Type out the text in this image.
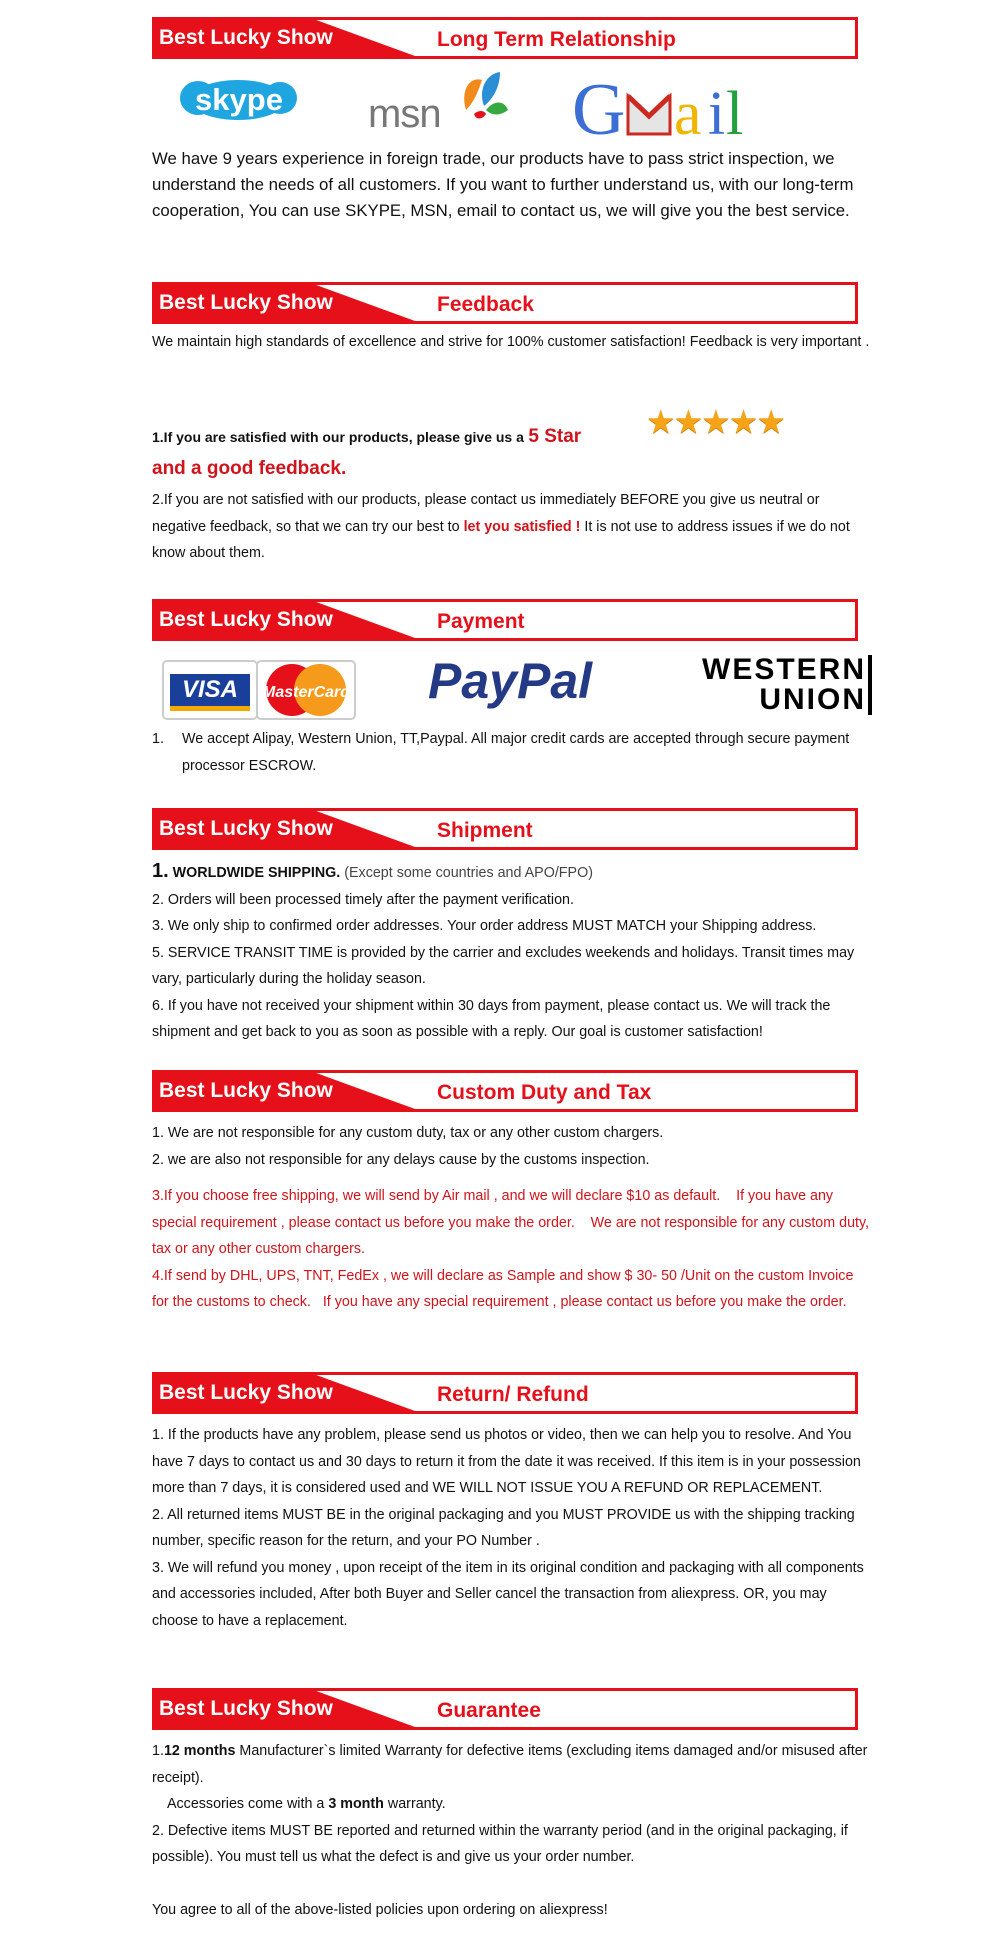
Best Lucky Show	Long Term Relationship
skype msn G a i l

We have 9 years experience in foreign trade, our products have to pass strict inspection, we understand the needs of all customers. If you want to further understand us, with our long-term cooperation, You can use SKYPE, MSN, email to contact us, we will give you the best service.

Best Lucky Show	Feedback

We maintain high standards of excellence and strive for 100% customer satisfaction! Feedback is very important .

★★★★★
1.If you are satisfied with our products, please give us a 5 Star
and a good feedback.

2.If you are not satisfied with our products, please contact us immediately BEFORE you give us neutral or negative feedback, so that we can try our best to let you satisfied ! It is not use to address issues if we do not know about them.

Best Lucky Show	Payment
VISA	MasterCard PayPal	WESTERN
UNION
1. We accept Alipay, Western Union, TT,Paypal. All major credit cards are accepted through secure payment processor ESCROW.

Best Lucky Show	Shipment

1. WORLDWIDE SHIPPING. (Except some countries and APO/FPO)

2. Orders will been processed timely after the payment verification.

3. We only ship to confirmed order addresses. Your order address MUST MATCH your Shipping address.

5. SERVICE TRANSIT TIME is provided by the carrier and excludes weekends and holidays. Transit times may vary, particularly during the holiday season.

6. If you have not received your shipment within 30 days from payment, please contact us. We will track the shipment and get back to you as soon as possible with a reply. Our goal is customer satisfaction!

Best Lucky Show	Custom Duty and Tax

1. We are not responsible for any custom duty, tax or any other custom chargers.

2. we are also not responsible for any delays cause by the customs inspection.

3.If you choose free shipping, we will send by Air mail , and we will declare $10 as default.    If you have any special requirement , please contact us before you make the order.    We are not responsible for any custom duty, tax or any other custom chargers.

4.If send by DHL, UPS, TNT, FedEx , we will declare as Sample and show $ 30- 50 /Unit on the custom Invoice for the customs to check.   If you have any special requirement , please contact us before you make the order.

Best Lucky Show	Return/ Refund

1. If the products have any problem, please send us photos or video, then we can help you to resolve. And You have 7 days to contact us and 30 days to return it from the date it was received. If this item is in your possession more than 7 days, it is considered used and WE WILL NOT ISSUE YOU A REFUND OR REPLACEMENT.

2. All returned items MUST BE in the original packaging and you MUST PROVIDE us with the shipping tracking number, specific reason for the return, and your PO Number .

3. We will refund you money , upon receipt of the item in its original condition and packaging with all components and accessories included, After both Buyer and Seller cancel the transaction from aliexpress. OR, you may choose to have a replacement.

Best Lucky Show	Guarantee

1.12 months Manufacturer`s limited Warranty for defective items (excluding items damaged and/or misused after receipt).

Accessories come with a 3 month warranty.

2. Defective items MUST BE reported and returned within the warranty period (and in the original packaging, if possible). You must tell us what the defect is and give us your order number.

You agree to all of the above-listed policies upon ordering on aliexpress!
